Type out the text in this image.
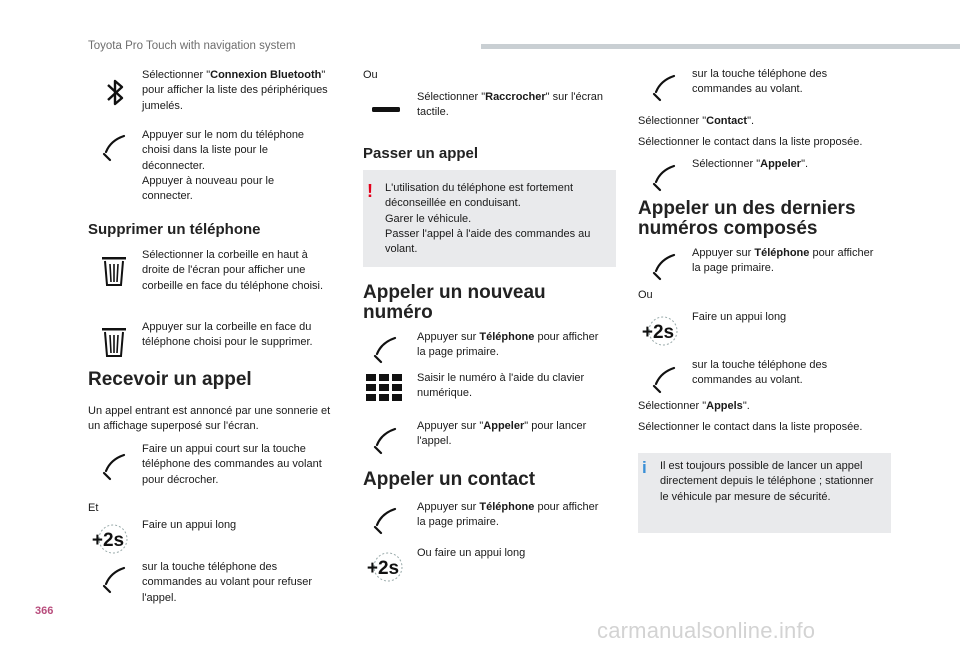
Toyota Pro Touch with navigation system
Sélectionner "Connexion Bluetooth" pour afficher la liste des périphériques jumelés.
Appuyer sur le nom du téléphone choisi dans la liste pour le déconnecter.
Appuyer à nouveau pour le connecter.
Supprimer un téléphone
Sélectionner la corbeille en haut à droite de l'écran pour afficher une corbeille en face du téléphone choisi.
Appuyer sur la corbeille en face du téléphone choisi pour le supprimer.
Recevoir un appel
Un appel entrant est annoncé par une sonnerie et un affichage superposé sur l'écran.
Faire un appui court sur la touche téléphone des commandes au volant pour décrocher.
Et
+2s
Faire un appui long
sur la touche téléphone des commandes au volant pour refuser l'appel.
Ou
Sélectionner "Raccrocher" sur l'écran tactile.
Passer un appel
! L'utilisation du téléphone est fortement déconseillée en conduisant.
Garer le véhicule.
Passer l'appel à l'aide des commandes au volant.
Appeler un nouveau numéro
Appuyer sur Téléphone pour afficher la page primaire.
Saisir le numéro à l'aide du clavier numérique.
Appuyer sur "Appeler" pour lancer l'appel.
Appeler un contact
Appuyer sur Téléphone pour afficher la page primaire.
+2s
Ou faire un appui long
sur la touche téléphone des commandes au volant.
Sélectionner "Contact".
Sélectionner le contact dans la liste proposée.
Sélectionner "Appeler".
Appeler un des derniers numéros composés
Appuyer sur Téléphone pour afficher la page primaire.
Ou
+2s
Faire un appui long
sur la touche téléphone des commandes au volant.
Sélectionner "Appels".
Sélectionner le contact dans la liste proposée.
i Il est toujours possible de lancer un appel directement depuis le téléphone ; stationner le véhicule par mesure de sécurité.
366
carmanualsonline.info
